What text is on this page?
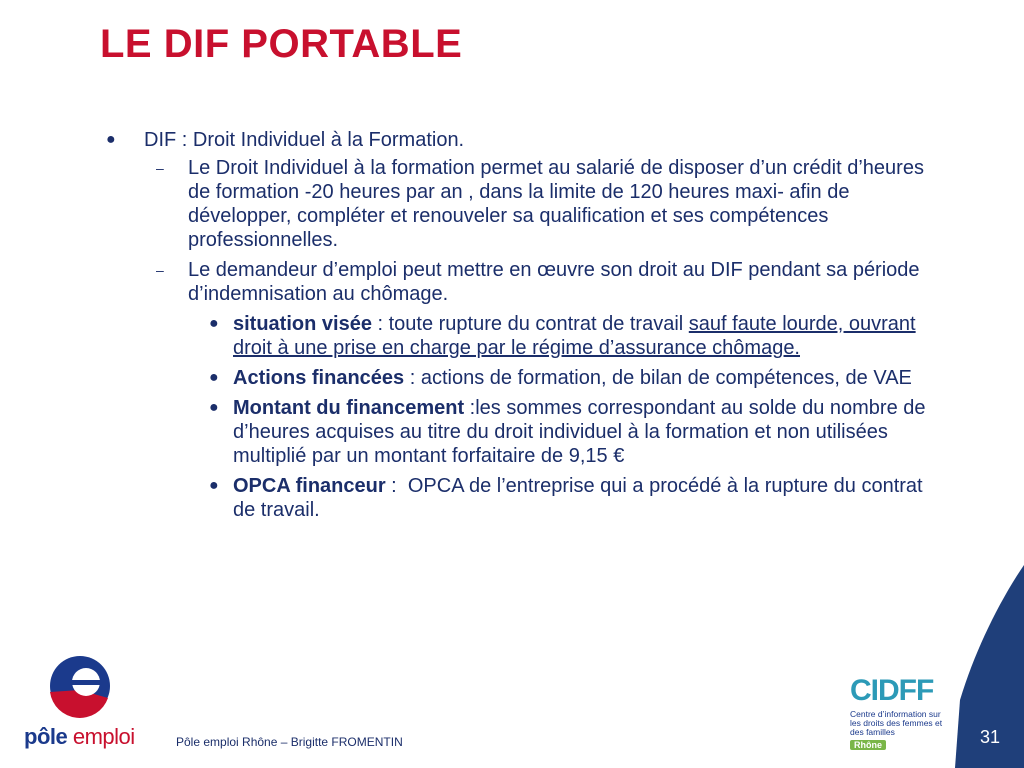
LE DIF PORTABLE
● DIF : Droit Individuel à la Formation.
– Le Droit Individuel à la formation permet au salarié de disposer d’un crédit d’heures de formation -20 heures par an , dans la limite de 120 heures maxi- afin de développer, compléter et renouveler sa qualification et ses compétences professionnelles.
– Le demandeur d’emploi peut mettre en œuvre son droit au DIF pendant sa période d’indemnisation au chômage.
● situation visée : toute rupture du contrat de travail sauf faute lourde, ouvrant droit à une prise en charge par le régime d’assurance chômage.
● Actions financées : actions de formation, de bilan de compétences, de VAE
● Montant du financement :les sommes correspondant au solde du nombre de d’heures acquises au titre du droit individuel à la formation et non utilisées multiplié par un montant forfaitaire de 9,15 €
● OPCA financeur :  OPCA de l’entreprise qui a procédé à la rupture du contrat de travail.
pôle emploi	Pôle emploi Rhône – Brigitte FROMENTIN
CIDFF
Centre d’information sur les droits des femmes et des familles
Rhône	31
